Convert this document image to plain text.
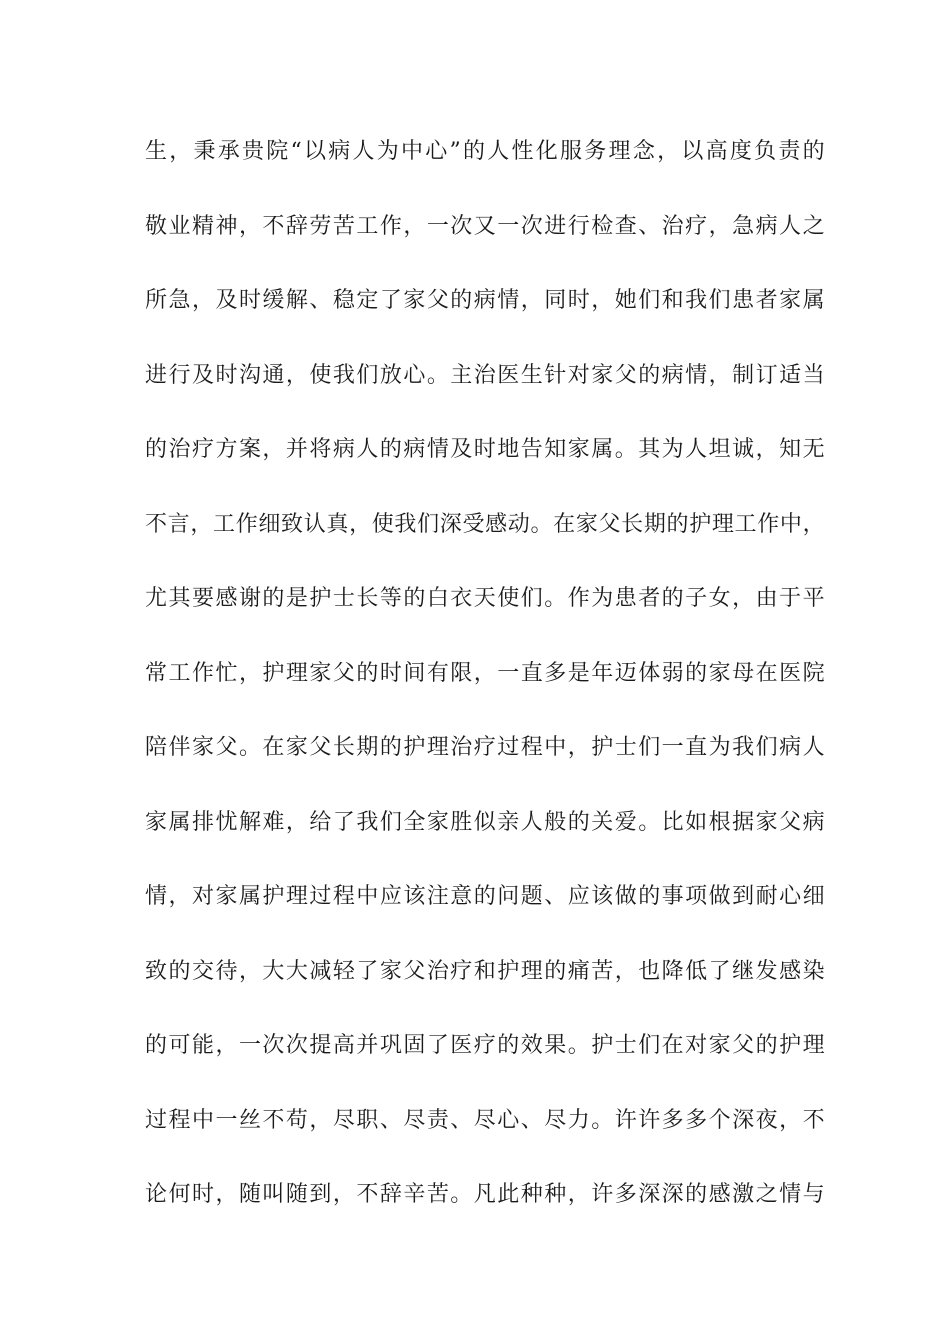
生，秉承贵院“以病人为中心”的人性化服务理念，以高度负责的
敬业精神，不辞劳苦工作，一次又一次进行检查、治疗，急病人之
所急，及时缓解、稳定了家父的病情，同时，她们和我们患者家属
进行及时沟通，使我们放心。主治医生针对家父的病情，制订适当
的治疗方案，并将病人的病情及时地告知家属。其为人坦诚，知无
不言，工作细致认真，使我们深受感动。在家父长期的护理工作中，
尤其要感谢的是护士长等的白衣天使们。作为患者的子女，由于平
常工作忙，护理家父的时间有限，一直多是年迈体弱的家母在医院
陪伴家父。在家父长期的护理治疗过程中，护士们一直为我们病人
家属排忧解难，给了我们全家胜似亲人般的关爱。比如根据家父病
情，对家属护理过程中应该注意的问题、应该做的事项做到耐心细
致的交待，大大减轻了家父治疗和护理的痛苦，也降低了继发感染
的可能，一次次提高并巩固了医疗的效果。护士们在对家父的护理
过程中一丝不苟，尽职、尽责、尽心、尽力。许许多多个深夜，不
论何时，随叫随到，不辞辛苦。凡此种种，许多深深的感激之情与
